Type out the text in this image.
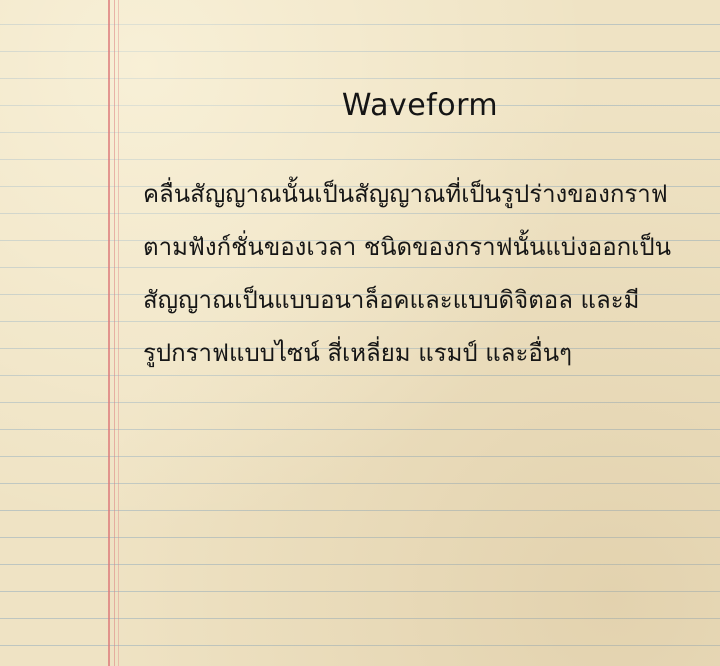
Waveform

คลื่นสัญญาณนั้นเป็นสัญญาณที่เป็นรูปร่างของกราฟ
ตามฟังก์ชั่นของเวลา ชนิดของกราฟนั้นแบ่งออกเป็น
สัญญาณเป็นแบบอนาล็อคและแบบดิจิตอล และมี
รูปกราฟแบบไซน์ สี่เหลี่ยม แรมป์ และอื่นๆ
